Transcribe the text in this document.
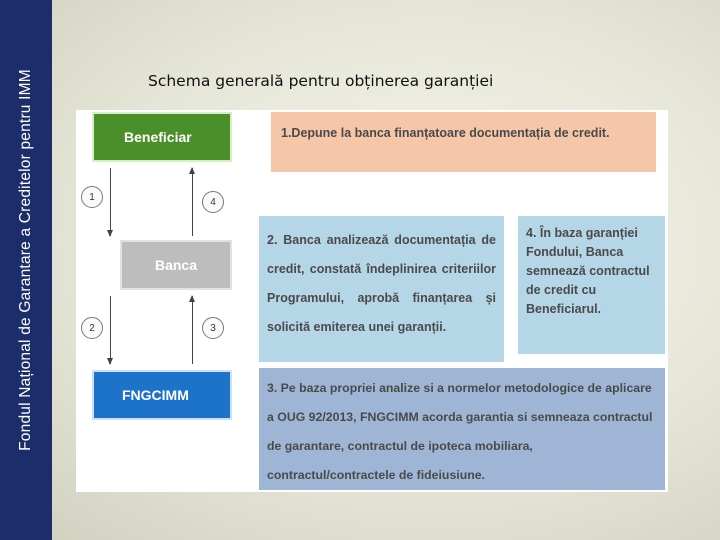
Fondul Național de Garantare a Creditelor pentru IMM	Schema generală pentru obținerea garanției
Beneficiar
Banca
FNGCIMM
1	4
2	3
1.Depune la banca finanțatoare documentația de credit.
2. Banca analizează documentația de credit, constată îndeplinirea criteriilor Programului, aprobă finanțarea și solicită emiterea unei garanții.
4. În baza garanției Fondului, Banca semnează contractul de credit cu Beneficiarul.
3. Pe baza propriei analize si a normelor metodologice de aplicare a OUG 92/2013, FNGCIMM acorda garantia si semneaza contractul de garantare, contractul de ipoteca mobiliara, contractul/contractele de fideiusiune.
